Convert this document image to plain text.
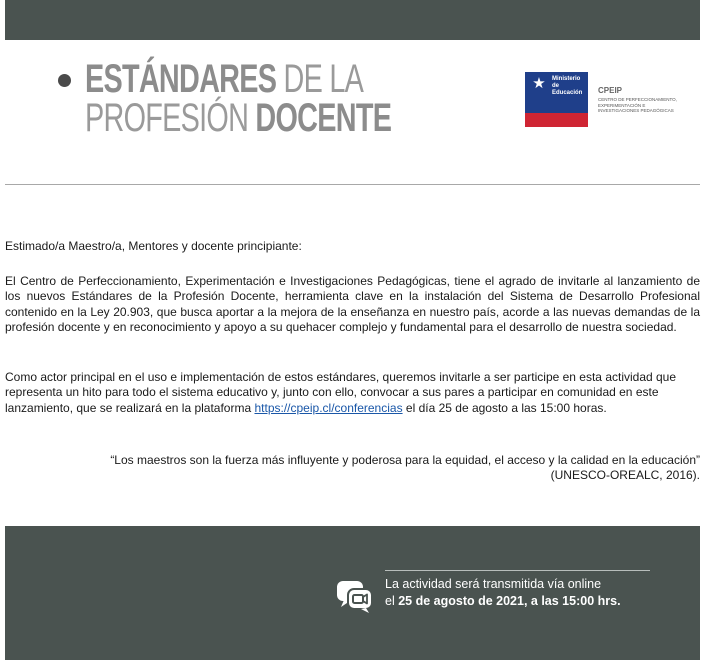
ESTÁNDARES DE LA
PROFESIÓN DOCENTE
★ Ministerio de Educación	CPEIP
CENTRO DE PERFECCIONAMIENTO,
EXPERIMENTACIÓN E
INVESTIGACIONES PEDAGÓGICAS
Estimado/a Maestro/a, Mentores y docente principiante:
El Centro de Perfeccionamiento, Experimentación e Investigaciones Pedagógicas, tiene el agrado de invitarle al lanzamiento de los nuevos Estándares de la Profesión Docente, herramienta clave en la instalación del Sistema de Desarrollo Profesional contenido en la Ley 20.903, que busca aportar a la mejora de la enseñanza en nuestro país, acorde a las nuevas demandas de la profesión docente y en reconocimiento y apoyo a su quehacer complejo y fundamental para el desarrollo de nuestra sociedad.
Como actor principal en el uso e implementación de estos estándares, queremos invitarle a ser participe en esta actividad que representa un hito para todo el sistema educativo y, junto con ello, convocar a sus pares a participar en comunidad en este lanzamiento, que se realizará en la plataforma https://cpeip.cl/conferencias el día 25 de agosto a las 15:00 horas.
“Los maestros son la fuerza más influyente y poderosa para la equidad, el acceso y la calidad en la educación”
(UNESCO-OREALC, 2016).
La actividad será transmitida vía online
el 25 de agosto de 2021, a las 15:00 hrs.
